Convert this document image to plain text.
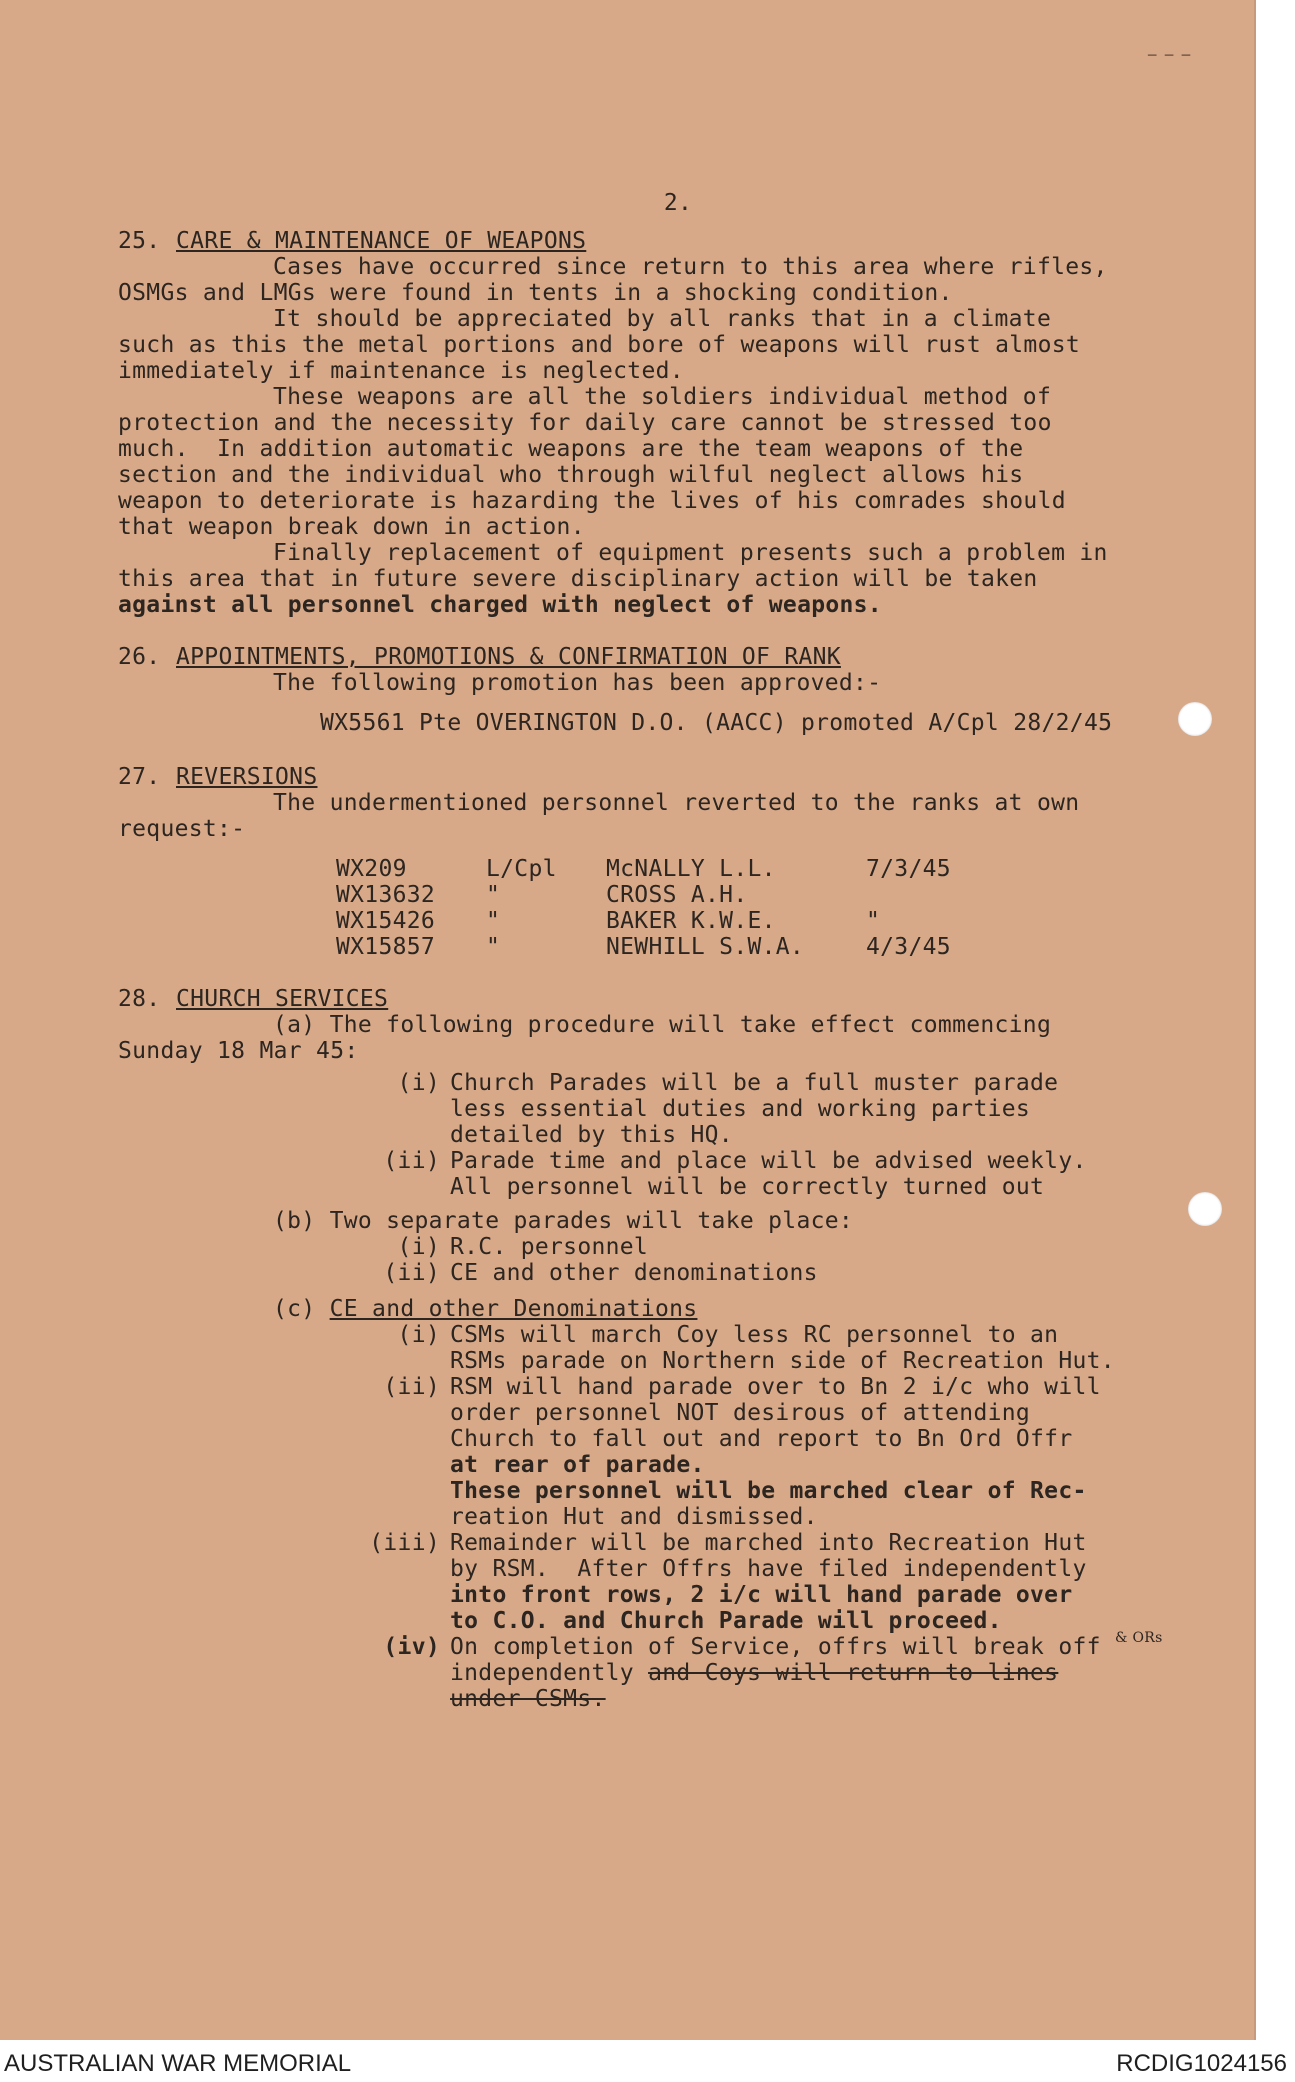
─ ─ ─
2.
25. CARE & MAINTENANCE OF WEAPONS
Cases have occurred since return to this area where rifles,
OSMGs and LMGs were found in tents in a shocking condition.
It should be appreciated by all ranks that in a climate
such as this the metal portions and bore of weapons will rust almost
immediately if maintenance is neglected.
These weapons are all the soldiers individual method of
protection and the necessity for daily care cannot be stressed too
much.  In addition automatic weapons are the team weapons of the
section and the individual who through wilful neglect allows his
weapon to deteriorate is hazarding the lives of his comrades should
that weapon break down in action.
Finally replacement of equipment presents such a problem in
this area that in future severe disciplinary action will be taken
against all personnel charged with neglect of weapons.
26. APPOINTMENTS, PROMOTIONS & CONFIRMATION OF RANK
The following promotion has been approved:-
WX5561 Pte OVERINGTON D.O. (AACC) promoted A/Cpl 28/2/45
27. REVERSIONS
The undermentioned personnel reverted to the ranks at own
request:-
WX209	L/Cpl	McNALLY L.L.	7/3/45
WX13632	"	CROSS A.H.
WX15426	"	BAKER K.W.E.	"
WX15857	"	NEWHILL S.W.A.	4/3/45
28. CHURCH SERVICES
(a) The following procedure will take effect commencing
Sunday 18 Mar 45:
(i) Church Parades will be a full muster parade
less essential duties and working parties
detailed by this HQ.
(ii) Parade time and place will be advised weekly.
All personnel will be correctly turned out
(b) Two separate parades will take place:
(i) R.C. personnel
(ii) CE and other denominations
(c) CE and other Denominations
(i) CSMs will march Coy less RC personnel to an
RSMs parade on Northern side of Recreation Hut.
(ii) RSM will hand parade over to Bn 2 i/c who will
order personnel NOT desirous of attending
Church to fall out and report to Bn Ord Offr
at rear of parade.
These personnel will be marched clear of Rec-
reation Hut and dismissed.
(iii) Remainder will be marched into Recreation Hut
by RSM.  After Offrs have filed independently
into front rows, 2 i/c will hand parade over
to C.O. and Church Parade will proceed.
(iv) On completion of Service, offrs will break off $^{\& ORs}$
independently and Coys will return to lines
under CSMs.
AUSTRALIAN WAR MEMORIAL	RCDIG1024156
